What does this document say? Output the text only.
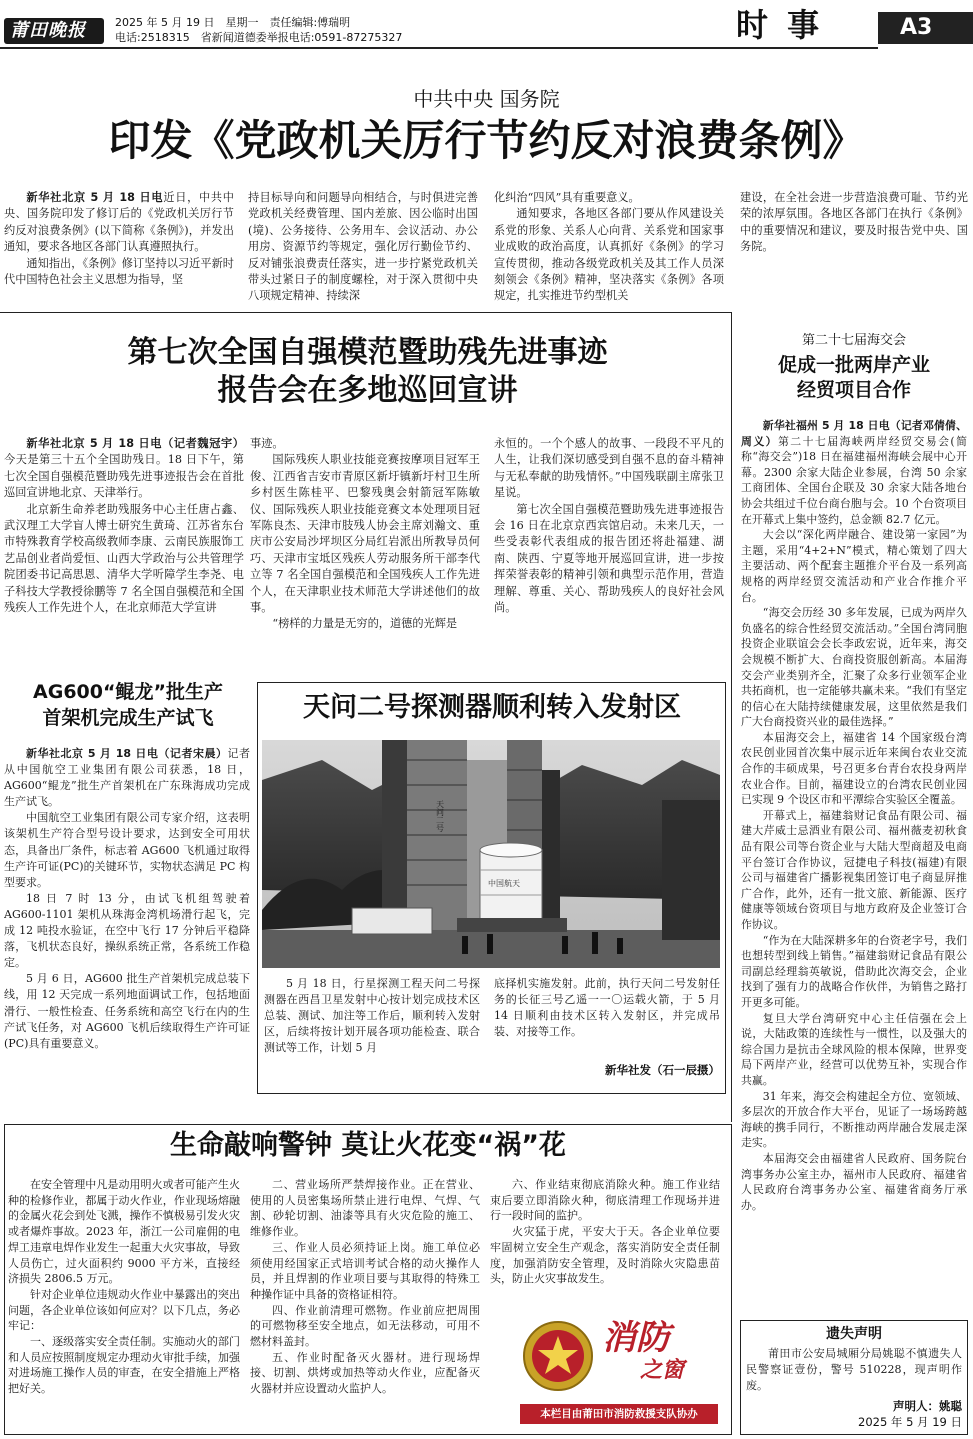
莆田晚报	2025 年 5 月 19 日　星期一　责任编辑:傅瑞明
电话:2518315　省新闻道德委举报电话:0591-87275327	时 事	A3
中共中央 国务院
印发《党政机关厉行节约反对浪费条例》

新华社北京 5 月 18 日电近日，中共中央、国务院印发了修订后的《党政机关厉行节约反对浪费条例》(以下简称《条例》)，并发出通知，要求各地区各部门认真遵照执行。

通知指出，《条例》修订坚持以习近平新时代中国特色社会主义思想为指导，坚

持目标导向和问题导向相结合，与时俱进完善党政机关经费管理、国内差旅、因公临时出国(境)、公务接待、公务用车、会议活动、办公用房、资源节约等规定，强化厉行勤俭节约、反对铺张浪费责任落实，进一步拧紧党政机关带头过紧日子的制度螺栓，对于深入贯彻中央八项规定精神、持续深

化纠治“四风”具有重要意义。

通知要求，各地区各部门要从作风建设关系党的形象、关系人心向背、关系党和国家事业成败的政治高度，认真抓好《条例》的学习宣传贯彻，推动各级党政机关及其工作人员深刻领会《条例》精神，坚决落实《条例》各项规定，扎实推进节约型机关

建设，在全社会进一步营造浪费可耻、节约光荣的浓厚氛围。各地区各部门在执行《条例》中的重要情况和建议，要及时报告党中央、国务院。

第七次全国自强模范暨助残先进事迹
报告会在多地巡回宣讲

新华社北京 5 月 18 日电（记者魏冠宇）今天是第三十五个全国助残日。18 日下午，第七次全国自强模范暨助残先进事迹报告会在首批巡回宣讲地北京、天津举行。

北京新生命养老助残服务中心主任唐占鑫、武汉理工大学盲人博士研究生黄琦、江苏省东台市特殊教育学校高级教师李康、云南民族服饰工艺品创业者尚爱恒、山西大学政治与公共管理学院团委书记高思恩、清华大学听障学生李尧、电子科技大学教授徐鹏等 7 名全国自强模范和全国残疾人工作先进个人，在北京师范大学宣讲

事迹。

国际残疾人职业技能竞赛按摩项目冠军王俊、江西省吉安市青原区新圩镇新圩村卫生所乡村医生陈桂平、巴黎残奥会射箭冠军陈敏仪、国际残疾人职业技能竞赛文本处理项目冠军陈良杰、天津市肢残人协会主席刘瀚文、重庆市公安局沙坪坝区分局红岩派出所教导员何巧、天津市宝坻区残疾人劳动服务所干部李代立等 7 名全国自强模范和全国残疾人工作先进个人，在天津职业技术师范大学讲述他们的故事。

“榜样的力量是无穷的，道德的光辉是

永恒的。一个个感人的故事、一段段不平凡的人生，让我们深切感受到自强不息的奋斗精神与无私奉献的助残情怀。”中国残联副主席张卫星说。

第七次全国自强模范暨助残先进事迹报告会 16 日在北京京西宾馆启动。未来几天，一些受表彰代表组成的报告团还将赴福建、湖南、陕西、宁夏等地开展巡回宣讲，进一步按挥荣誉表彰的精神引领和典型示范作用，营造理解、尊重、关心、帮助残疾人的良好社会风尚。

第二十七届海交会
促成一批两岸产业
经贸项目合作

新华社福州 5 月 18 日电（记者邓倩倩、周义）第二十七届海峡两岸经贸交易会(简称“海交会”)18 日在福建福州海峡会展中心开幕。2300 余家大陆企业参展，台湾 50 余家工商团体、全国台企联及 30 余家大陆各地台协会共组过千位台商台胞与会。10 个台资项目在开幕式上集中签约，总金额 82.7 亿元。

大会以“深化两岸融合、建设第一家园”为主题，采用“4+2+N”模式，精心策划了四大主要活动、两个配套主题推介平台及一系列高规格的两岸经贸交流活动和产业合作推介平台。

“海交会历经 30 多年发展，已成为两岸久负盛名的综合性经贸交流活动。”全国台湾同胞投资企业联谊会会长李政宏说，近年来，海交会规模不断扩大、台商投资服创新高。本届海交会产业类别齐全，汇聚了众多行业领军企业共拓商机，也一定能够共赢未来。“我们有坚定的信心在大陆持续健康发展，这里依然是我们广大台商投资兴业的最佳选择。”

本届海交会上，福建省 14 个国家级台湾农民创业园首次集中展示近年来闽台农业交流合作的丰硕成果，号召更多台青台农投身两岸农业合作。目前，福建设立的台湾农民创业园已实现 9 个设区市和平潭综合实验区全覆盖。

开幕式上，福建翁财记食品有限公司、福建大芹威士忌酒业有限公司、福州薇麦初秋食品有限公司等台资企业与大陆大型商超及电商平台签订合作协议，冠捷电子科技(福建)有限公司与福建省广播影视集团签订电子商显屏推广合作，此外，还有一批文旅、新能源、医疗健康等领域台资项目与地方政府及企业签订合作协议。

“作为在大陆深耕多年的台资老字号，我们也想转型到线上销售。”福建翁财记食品有限公司副总经理翁英敏说，借助此次海交会，企业找到了强有力的战略合作伙伴，为销售之路打开更多可能。

复旦大学台湾研究中心主任信强在会上说，大陆政策的连续性与一惯性，以及强大的综合国力是抗击全球风险的根本保障，世界变局下两岸产业，经营可以优势互补，实现合作共赢。

31 年来，海交会构建起全方位、宽领域、多层次的开放合作大平台，见证了一场场跨越海峡的携手同行，不断推动两岸融合发展走深走实。

本届海交会由福建省人民政府、国务院台湾事务办公室主办，福州市人民政府、福建省人民政府台湾事务办公室、福建省商务厅承办。

AG600“鲲龙”批生产
首架机完成生产试飞

新华社北京 5 月 18 日电（记者宋晨）记者从中国航空工业集团有限公司获悉，18 日，AG600“鲲龙”批生产首架机在广东珠海成功完成生产试飞。

中国航空工业集团有限公司专家介绍，这表明该架机生产符合型号设计要求，达到安全可用状态，具备出厂条件，标志着 AG600 飞机通过取得生产许可证(PC)的关键环节，实物状态满足 PC 构型要求。

18 日 7 时 13 分，由试飞机组驾驶着 AG600-1101 架机从珠海金湾机场滑行起飞，完成 12 吨投水验证，在空中飞行 17 分钟后平稳降落，飞机状态良好，操纵系统正常，各系统工作稳定。

5 月 6 日，AG600 批生产首架机完成总装下线，用 12 天完成一系列地面调试工作，包括地面滑行、一般性检查、任务系统和高空飞行在内的生产试飞任务，对 AG600 飞机后续取得生产许可证(PC)具有重要意义。

天问二号探测器顺利转入发射区
天问二号
中国航天

5 月 18 日，行星探测工程天问二号探测器在西昌卫星发射中心按计划完成技术区总装、测试、加注等工作后，顺利转入发射区，后续将按计划开展各项功能检查、联合测试等工作，计划 5 月

底择机实施发射。此前，执行天问二号发射任务的长征三号乙遥一一〇运载火箭，于 5 月 14 日顺利由技术区转入发射区，并完成吊装、对接等工作。

新华社发（石一辰摄）
生命敲响警钟 莫让火花变“祸”花

在安全管理中凡是动用明火或者可能产生火种的检修作业，都属于动火作业，作业现场熔融的金属火花会到处飞溅，操作不慎极易引发火灾或者爆炸事故。2023 年，浙江一公司雇佣的电焊工违章电焊作业发生一起重大火灾事故，导致人员伤亡，过火面积约 9000 平方米，直接经济损失 2806.5 万元。

针对企业单位违规动火作业中暴露出的突出问题，各企业单位该如何应对？以下几点，务必牢记：

一、逐级落实安全责任制。实施动火的部门和人员应按照制度规定办理动火审批手续，加强对进场施工操作人员的审查，在安全措施上严格把好关。

二、营业场所严禁焊接作业。正在营业、使用的人员密集场所禁止进行电焊、气焊、气割、砂轮切割、油漆等具有火灾危险的施工、维修作业。

三、作业人员必须持证上岗。施工单位必须使用经国家正式培训考试合格的动火操作人员，并且焊割的作业项目要与其取得的特殊工种操作证中具备的资格证相符。

四、作业前清理可燃物。作业前应把周围的可燃物移至安全地点，如无法移动，可用不燃材料盖封。

五、作业时配备灭火器材。进行现场焊接、切割、烘烤或加热等动火作业，应配备灭火器材并应设置动火监护人。

六、作业结束彻底消除火种。施工作业结束后要立即消除火种，彻底清理工作现场并进行一段时间的监护。

火灾猛于虎，平安大于天。各企业单位要牢固树立安全生产观念，落实消防安全责任制度，加强消防安全管理，及时消除火灾隐患苗头，防止火灾事故发生。

消防
之窗
本栏目由莆田市消防救援支队协办
遗失声明

莆田市公安局城厢分局姚聪不慎遗失人民警察证壹份，警号 510228，现声明作废。

声明人：姚聪
2025 年 5 月 19 日
